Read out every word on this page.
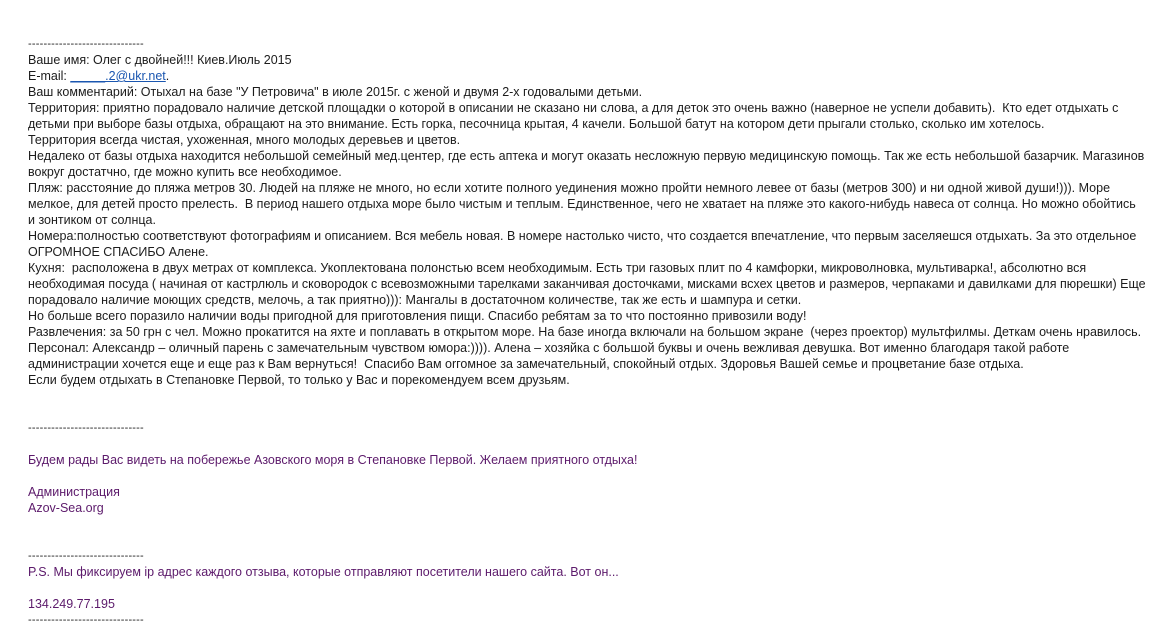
------------------------------
Ваше имя: Олег с двойней!!! Киев.Июль 2015
E-mail: _____.2@ukr.net.
Ваш комментарий: Отыхал на базе "У Петровича" в июле 2015г. с женой и двумя 2-х годовалыми детьми.
Территория: приятно порадовало наличие детской площадки о которой в описании не сказано ни слова, а для деток это очень важно (наверное не успели добавить).  Кто едет отдыхать с детьми при выборе базы отдыха, обращают на это внимание. Есть горка, песочница крытая, 4 качели. Большой батут на котором дети прыгали столько, сколько им хотелось.
Территория всегда чистая, ухоженная, много молодых деревьев и цветов.
Недалеко от базы отдыха находится небольшой семейный мед.центер, где есть аптека и могут оказать несложную первую медицинскую помощь. Так же есть небольшой базарчик. Магазинов вокруг достатчно, где можно купить все необходимое.
Пляж: расстояние до пляжа метров 30. Людей на пляже не много, но если хотите полного уединения можно пройти немного левее от базы (метров 300) и ни одной живой души!))). Море мелкое, для детей просто прелесть.  В период нашего отдыха море было чистым и теплым. Единственное, чего не хватает на пляже это какого-нибудь навеса от солнца. Но можно обойтись и зонтиком от солнца.
Номера:полностью соответствуют фотографиям и описанием. Вся мебель новая. В номере настолько чисто, что создается впечатление, что первым заселяешся отдыхать. За это отдельное ОГРОМНОЕ СПАСИБО Алене.
Кухня:  расположена в двух метрах от комплекса. Укоплектована полонстью всем необходимым. Есть три газовых плит по 4 камфорки, микроволновка, мультиварка!, абсолютно вся необходимая посуда ( начиная от кастрлюль и сковородок с всевозможными тарелками заканчивая досточками, мисками всхех цветов и размеров, черпаками и давилками для пюрешки) Еще порадовало наличие моющих средств, мелочь, а так приятно))): Мангалы в достаточном количестве, так же есть и шампура и сетки.
Но больше всего поразило наличии воды пригодной для приготовления пищи. Спасибо ребятам за то что постоянно привозили воду!
Развлечения: за 50 грн с чел. Можно прокатится на яхте и поплавать в открытом море. На базе иногда включали на большом экране  (через проектор) мультфилмы. Деткам очень нравилось.
Персонал: Александр – оличный парень с замечательным чувством юмора:)))). Алена – хозяйка с большой буквы и очень вежливая девушка. Вот именно благодаря такой работе администрации хочется еще и еще раз к Вам вернуться!  Спасибо Вам orгомное за замечательный, спокойный отдых. Здоровья Вашей семье и процветание базе отдыха.
Если будем отдыхать в Степановке Первой, то только у Вас и порекомендуем всем друзьям.
------------------------------
Будем рады Вас видеть на побережье Азовского моря в Степановке Первой. Желаем приятного отдыха!
Администрация
Azov-Sea.org
------------------------------
P.S. Мы фиксируем ip адрес каждого отзыва, которые отправляют посетители нашего сайта. Вот он...
134.249.77.195
------------------------------
